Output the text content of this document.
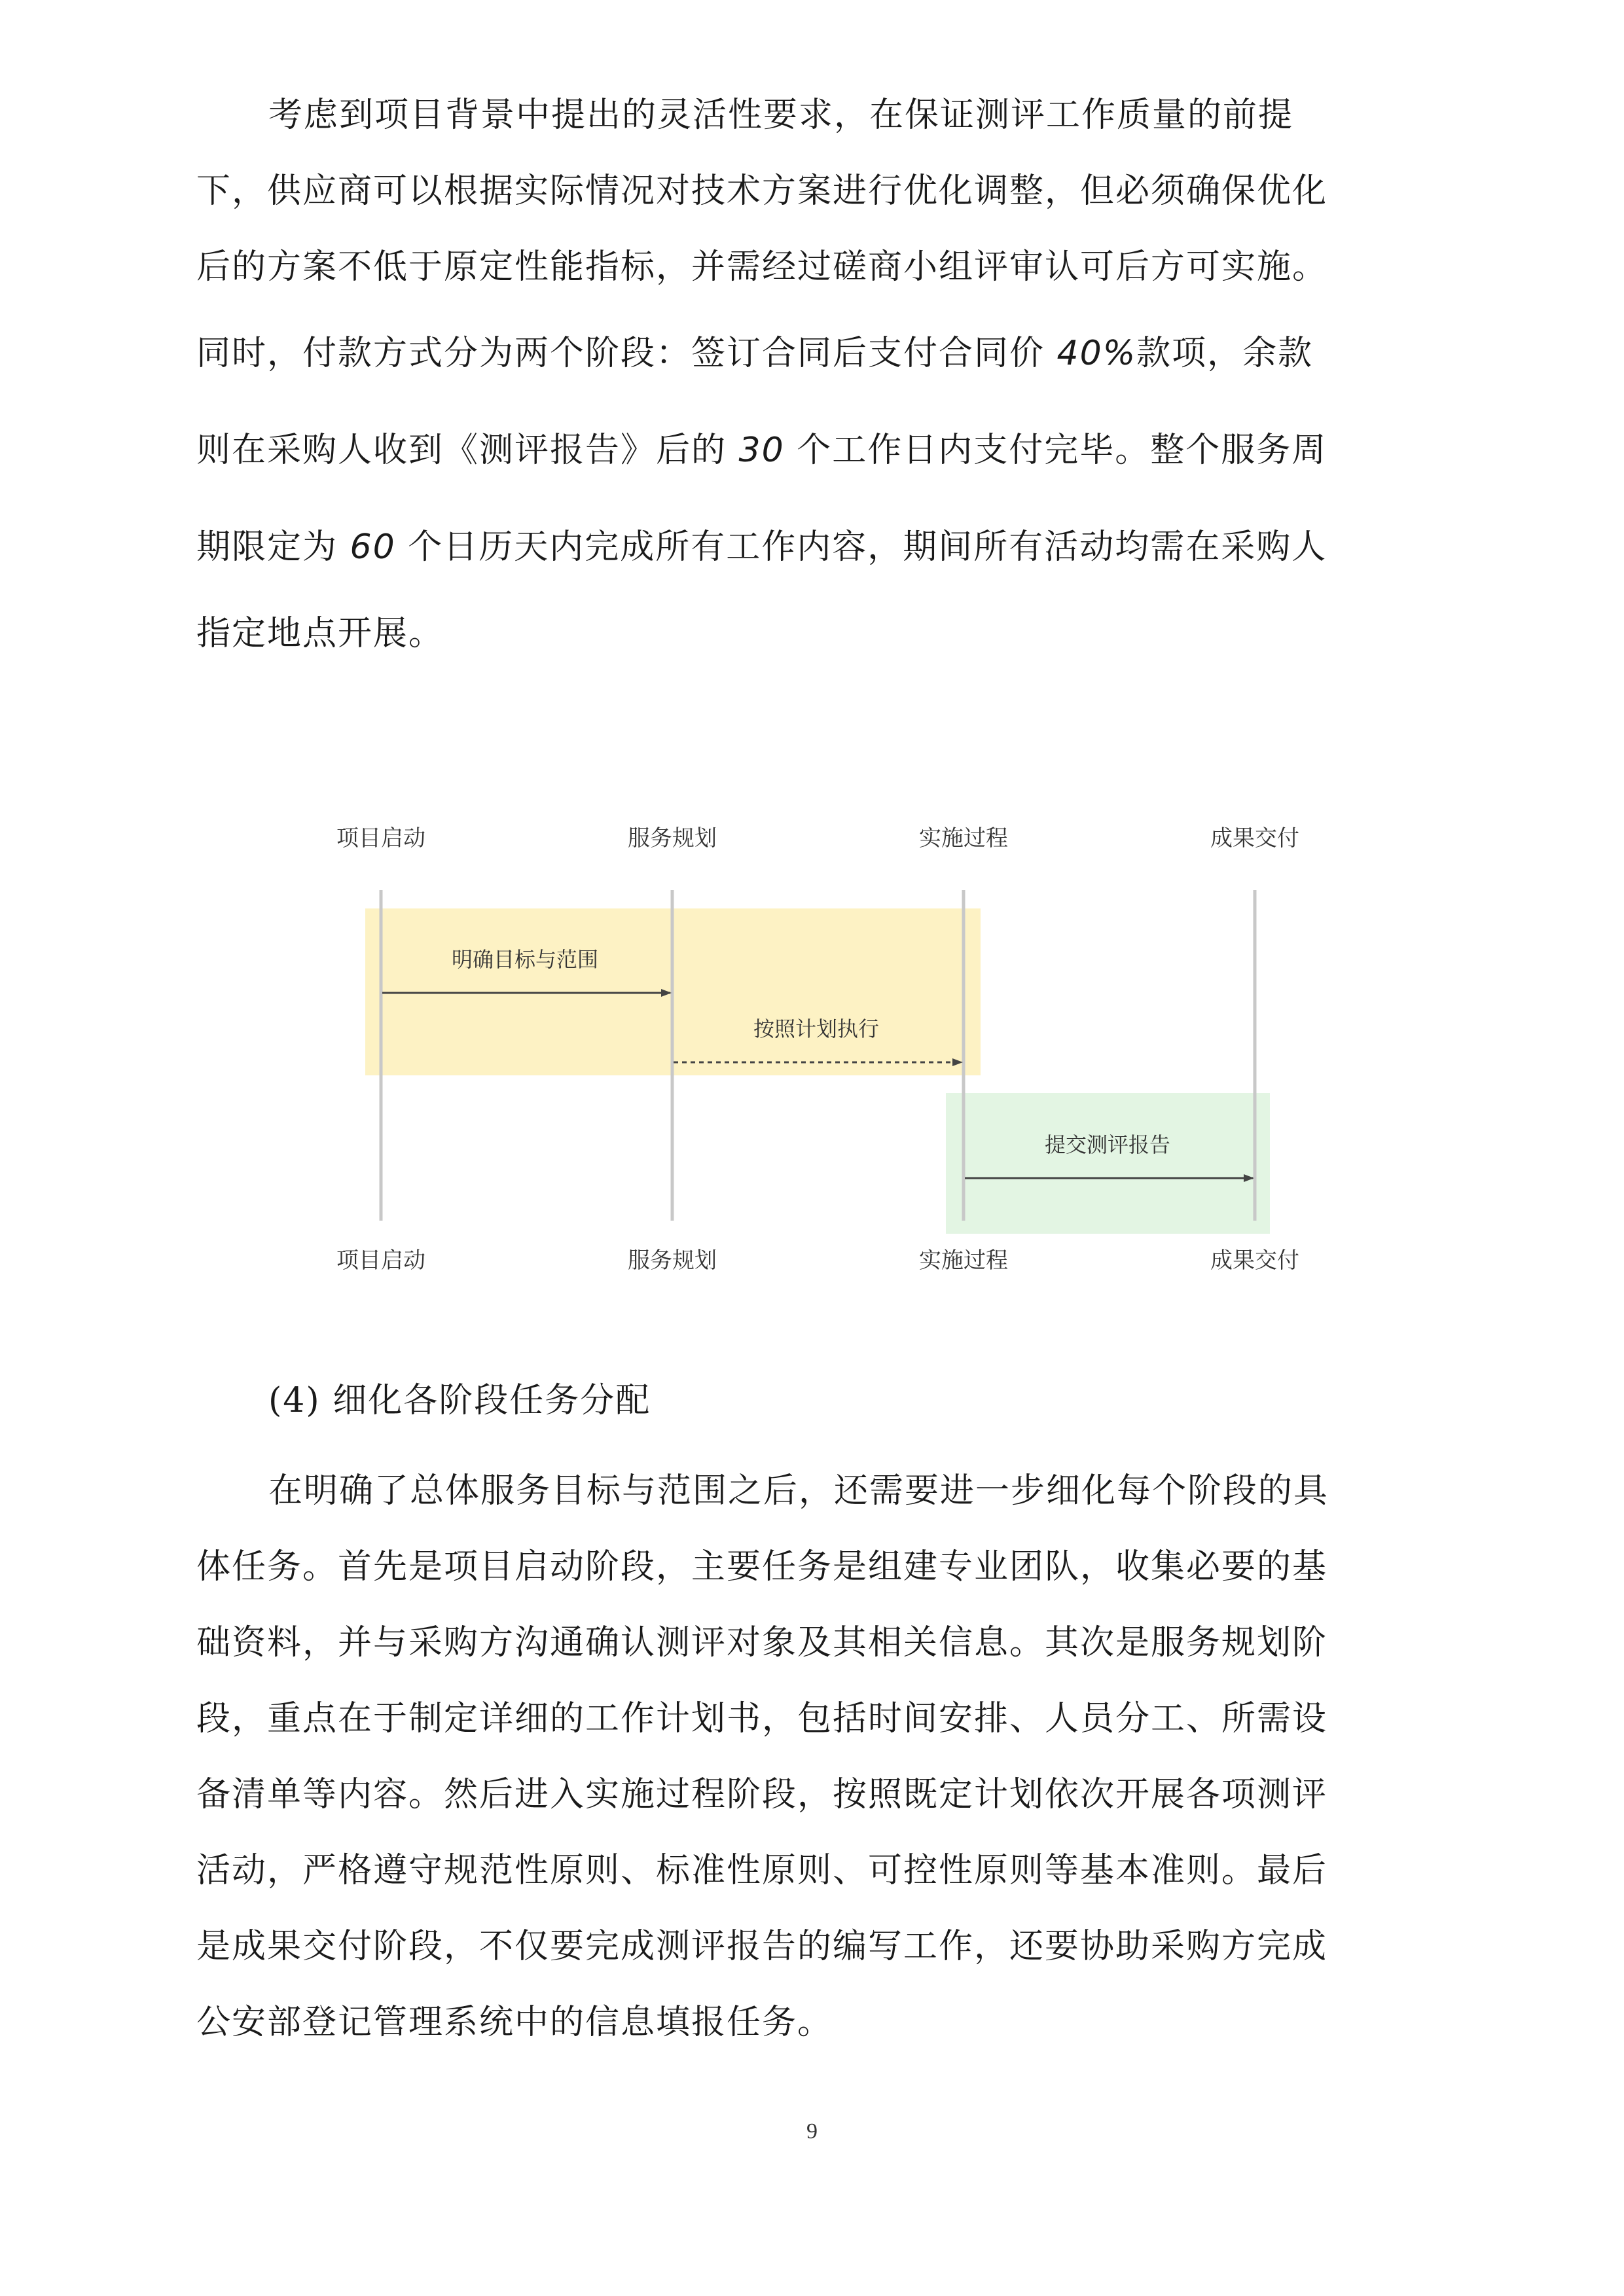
考虑到项目背景中提出的灵活性要求，在保证测评工作质量的前提
下，供应商可以根据实际情况对技术方案进行优化调整，但必须确保优化
后的方案不低于原定性能指标，并需经过磋商小组评审认可后方可实施。
同时，付款方式分为两个阶段：签订合同后支付合同价 40%款项，余款
则在采购人收到《测评报告》后的 30 个工作日内支付完毕。整个服务周
期限定为 60 个日历天内完成所有工作内容，期间所有活动均需在采购人
指定地点开展。

项目启动	服务规划	实施过程	成果交付
项目启动	服务规划	实施过程	成果交付
明确目标与范围
按照计划执行
提交测评报告

(4) 细化各阶段任务分配

在明确了总体服务目标与范围之后，还需要进一步细化每个阶段的具
体任务。首先是项目启动阶段，主要任务是组建专业团队，收集必要的基
础资料，并与采购方沟通确认测评对象及其相关信息。其次是服务规划阶
段，重点在于制定详细的工作计划书，包括时间安排、人员分工、所需设
备清单等内容。然后进入实施过程阶段，按照既定计划依次开展各项测评
活动，严格遵守规范性原则、标准性原则、可控性原则等基本准则。最后
是成果交付阶段，不仅要完成测评报告的编写工作，还要协助采购方完成
公安部登记管理系统中的信息填报任务。

9
